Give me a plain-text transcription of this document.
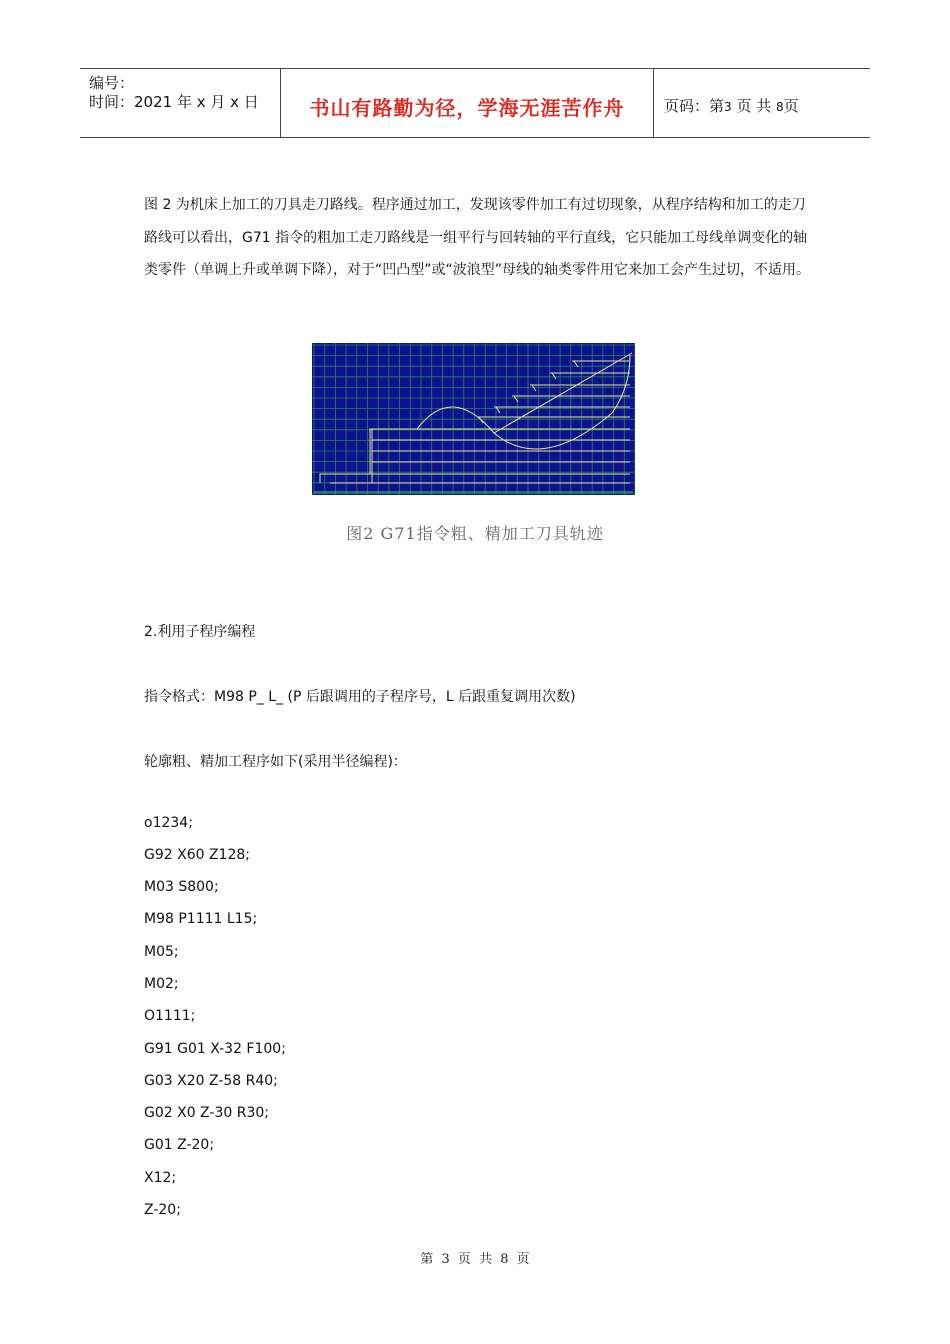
编号：
时间：2021 年 x 月 x 日	书山有路勤为径，学海无涯苦作舟	页码：第3 页 共 8页
图 2 为机床上加工的刀具走刀路线。程序通过加工，发现该零件加工有过切现象，从程序结构和加工的走刀路线可以看出，G71 指令的粗加工走刀路线是一组平行与回转轴的平行直线，它只能加工母线单调变化的轴类零件（单调上升或单调下降），对于“凹凸型”或“波浪型”母线的轴类零件用它来加工会产生过切，不适用。
图2 G71指令粗、精加工刀具轨迹
2.利用子程序编程
指令格式：M98 P_ L_ (P 后跟调用的子程序号，L 后跟重复调用次数)
轮廓粗、精加工程序如下(采用半径编程)：
o1234;
G92 X60 Z128;
M03 S800;
M98 P1111 L15;
M05;
M02;
O1111;
G91 G01 X-32 F100;
G03 X20 Z-58 R40;
G02 X0 Z-30 R30;
G01 Z-20;
X12;
Z-20;
第 3 页 共 8 页
